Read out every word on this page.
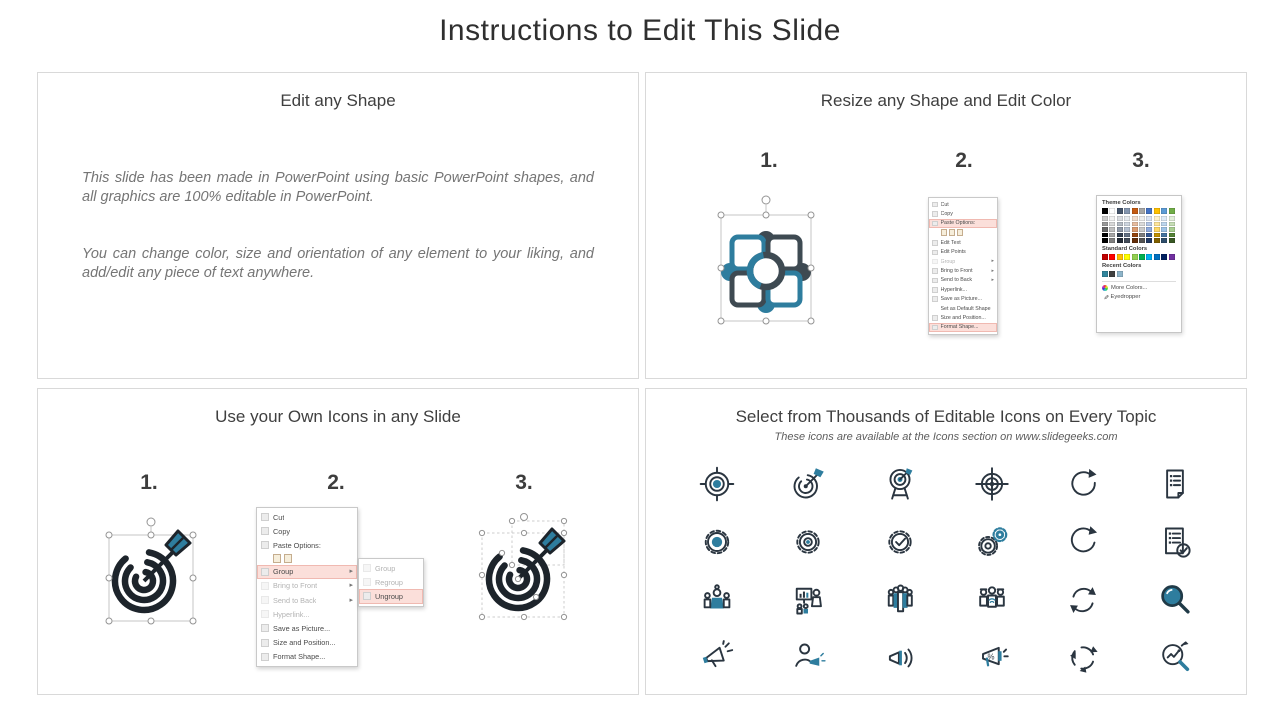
Instructions to Edit This Slide
Edit any Shape
This slide has been made in PowerPoint using basic PowerPoint shapes, and all graphics are 100% editable in PowerPoint.
You can change color, size and orientation of any element to your liking, and add/edit any piece of text anywhere.
Resize any Shape and Edit Color
1.	2.	3.
Cut
Copy
Paste Options:
Edit Text
Edit Points
Group	▸
Bring to Front	▸
Send to Back	▸
Hyperlink...
Save as Picture...
Set as Default Shape
Size and Position...
Format Shape...
Theme Colors
Standard Colors
Recent Colors
More Colors...
✎ Eyedropper
Use your Own Icons in any Slide
1.	2.	3.
Group
Regroup
Ungroup
Cut
Copy
Paste Options:
Group	▸
Bring to Front	▸
Send to Back	▸
Hyperlink...
Save as Picture...
Size and Position...
Format Shape...
Select from Thousands of Editable Icons on Every Topic
These icons are available at the Icons section on www.slidegeeks.com
%
